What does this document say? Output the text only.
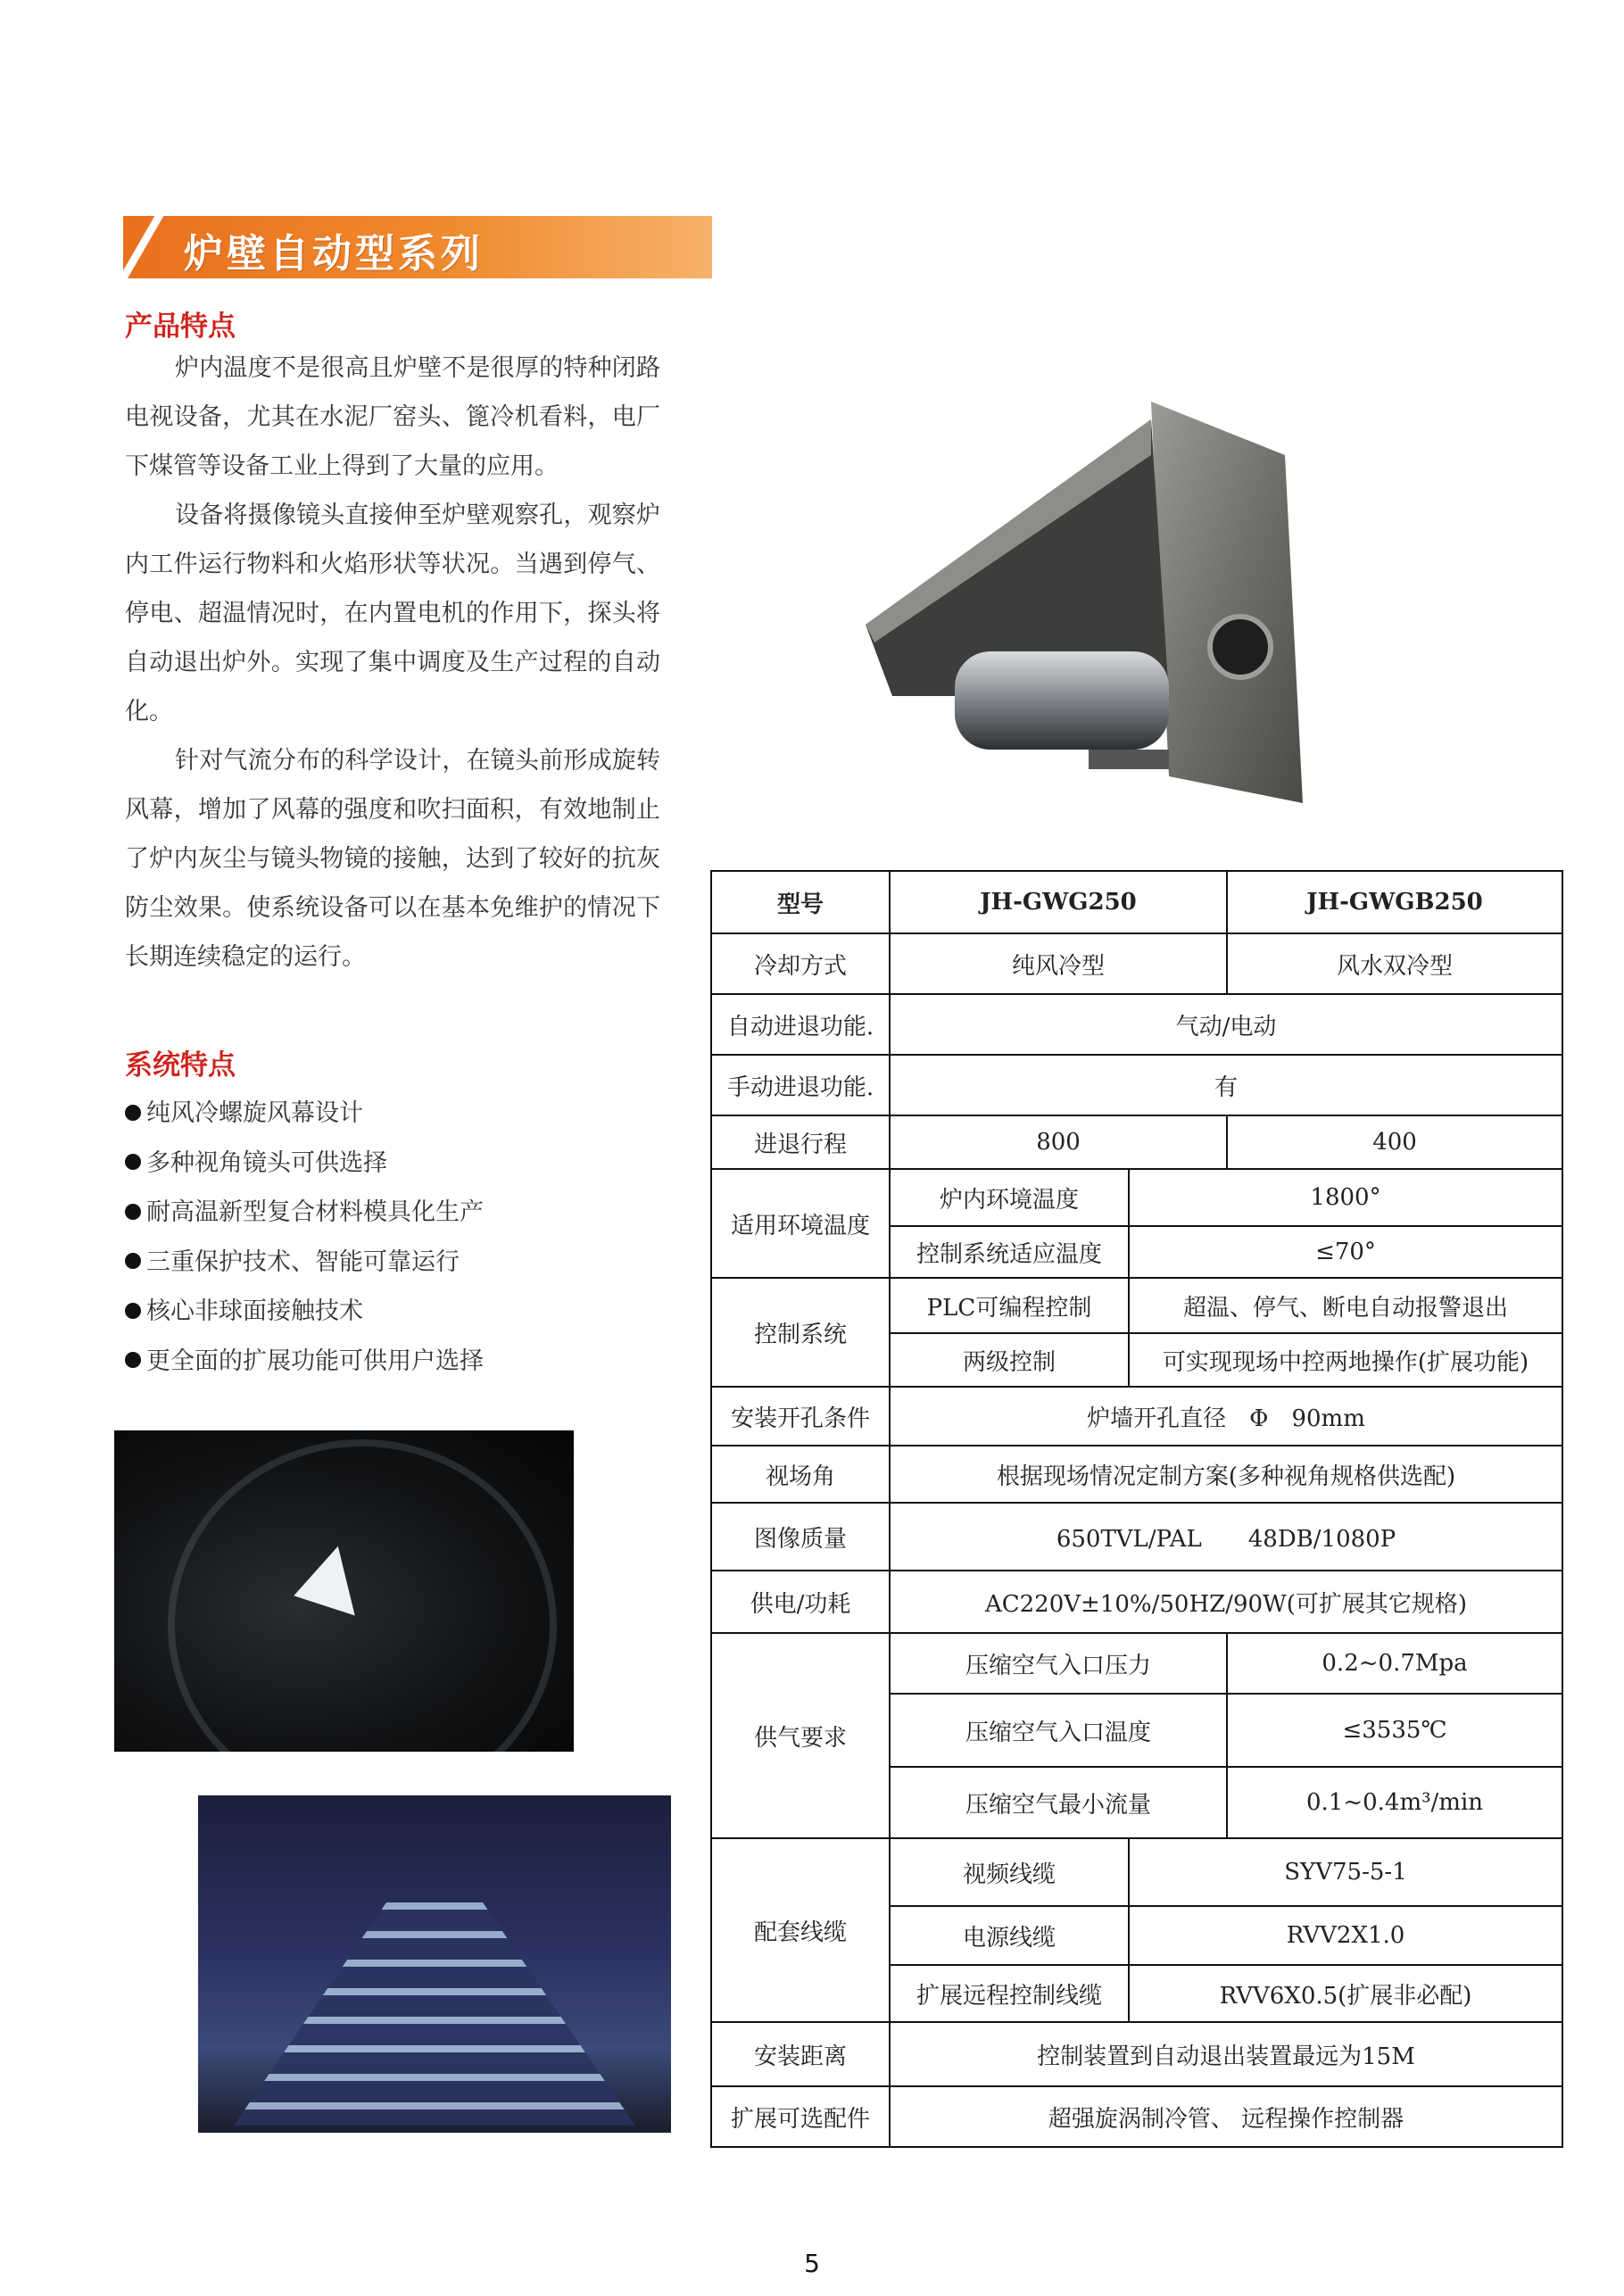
炉壁自动型系列
产品特点
炉内温度不是很高且炉壁不是很厚的特种闭路电视设备，尤其在水泥厂窑头、篦冷机看料，电厂下煤管等设备工业上得到了大量的应用。
设备将摄像镜头直接伸至炉壁观察孔，观察炉内工件运行物料和火焰形状等状况。当遇到停气、停电、超温情况时，在内置电机的作用下，探头将自动退出炉外。实现了集中调度及生产过程的自动化。
针对气流分布的科学设计，在镜头前形成旋转风幕，增加了风幕的强度和吹扫面积，有效地制止了炉内灰尘与镜头物镜的接触，达到了较好的抗灰防尘效果。使系统设备可以在基本免维护的情况下长期连续稳定的运行。
系统特点
纯风冷螺旋风幕设计
多种视角镜头可供选择
耐高温新型复合材料模具化生产
三重保护技术、智能可靠运行
核心非球面接触技术
更全面的扩展功能可供用户选择
型号	JH-GWG250		JH-GWGB250
冷却方式	纯风冷型		风水双冷型
自动进退功能.	气动/电动		
手动进退功能.	有		
进退行程	800		400
适用环境温度	炉内环境温度	1800°	
	控制系统适应温度	≤70°	
控制系统	PLC可编程控制	超温、停气、断电自动报警退出	
	两级控制	可实现现场中控两地操作(扩展功能)	
安装开孔条件	炉墙开孔直径　Φ　90mm		
视场角	根据现场情况定制方案(多种视角规格供选配)		
图像质量	650TVL/PAL　　48DB/1080P		
供电/功耗	AC220V±10%/50HZ/90W(可扩展其它规格)		
供气要求	压缩空气入口压力		0.2~0.7Mpa
	压缩空气入口温度		≤3535℃
	压缩空气最小流量		0.1~0.4m³/min
配套线缆	视频线缆	SYV75-5-1	
	电源线缆	RVV2X1.0	
	扩展远程控制线缆	RVV6X0.5(扩展非必配)	
安装距离	控制装置到自动退出装置最远为15M		
扩展可选配件	超强旋涡制冷管、 远程操作控制器		
5
